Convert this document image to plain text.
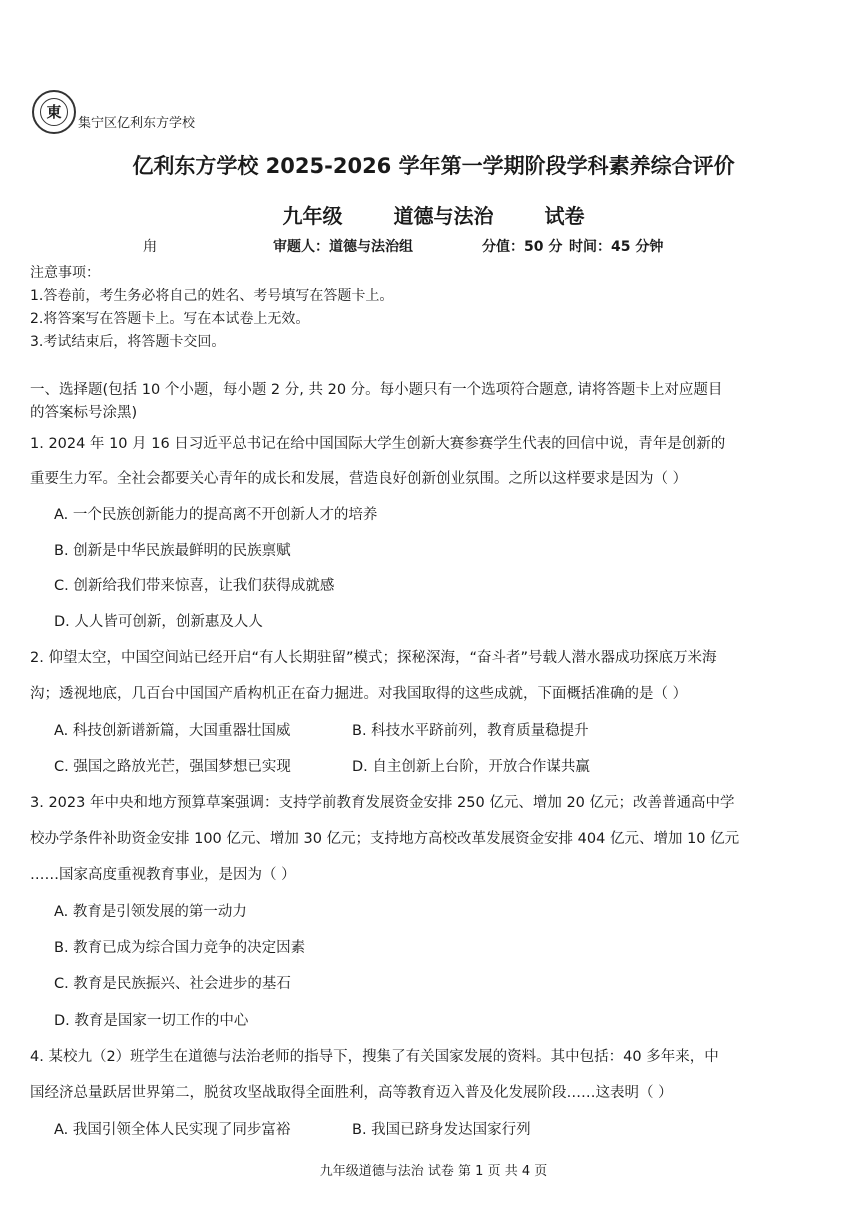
東
集宁区亿利东方学校
亿利东方学校 2025-2026 学年第一学期阶段学科素养综合评价
九年级	道德与法治	试卷
甪	审题人：道德与法治组	分值：50 分 时间：45 分钟
注意事项：
1.答卷前，考生务必将自己的姓名、考号填写在答题卡上。
2.将答案写在答题卡上。写在本试卷上无效。
3.考试结束后，将答题卡交回。
一、选择题(包括 10 个小题，每小题 2 分, 共 20 分。每小题只有一个选项符合题意, 请将答题卡上对应题目
的答案标号涂黑)
1. 2024 年 10 月 16 日习近平总书记在给中国国际大学生创新大赛参赛学生代表的回信中说，青年是创新的
重要生力军。全社会都要关心青年的成长和发展，营造良好创新创业氛围。之所以这样要求是因为（ ）
A. 一个民族创新能力的提高离不开创新人才的培养
B. 创新是中华民族最鲜明的民族禀赋
C. 创新给我们带来惊喜，让我们获得成就感
D. 人人皆可创新，创新惠及人人
2. 仰望太空，中国空间站已经开启“有人长期驻留”模式；探秘深海，“奋斗者”号载人潜水器成功探底万米海
沟；透视地底，几百台中国国产盾构机正在奋力掘进。对我国取得的这些成就，下面概括准确的是（ ）
A. 科技创新谱新篇，大国重器壮国威	B. 科技水平跻前列，教育质量稳提升
C. 强国之路放光芒，强国梦想已实现	D. 自主创新上台阶，开放合作谋共赢
3. 2023 年中央和地方预算草案强调：支持学前教育发展资金安排 250 亿元、增加 20 亿元；改善普通高中学
校办学条件补助资金安排 100 亿元、增加 30 亿元；支持地方高校改革发展资金安排 404 亿元、增加 10 亿元
……国家高度重视教育事业，是因为（ ）
A. 教育是引领发展的第一动力
B. 教育已成为综合国力竞争的决定因素
C. 教育是民族振兴、社会进步的基石
D. 教育是国家一切工作的中心
4. 某校九（2）班学生在道德与法治老师的指导下，搜集了有关国家发展的资料。其中包括：40 多年来，中
国经济总量跃居世界第二，脱贫攻坚战取得全面胜利，高等教育迈入普及化发展阶段……这表明（ ）
A. 我国引领全体人民实现了同步富裕	B. 我国已跻身发达国家行列
九年级道德与法治 试卷 第 1 页 共 4 页
